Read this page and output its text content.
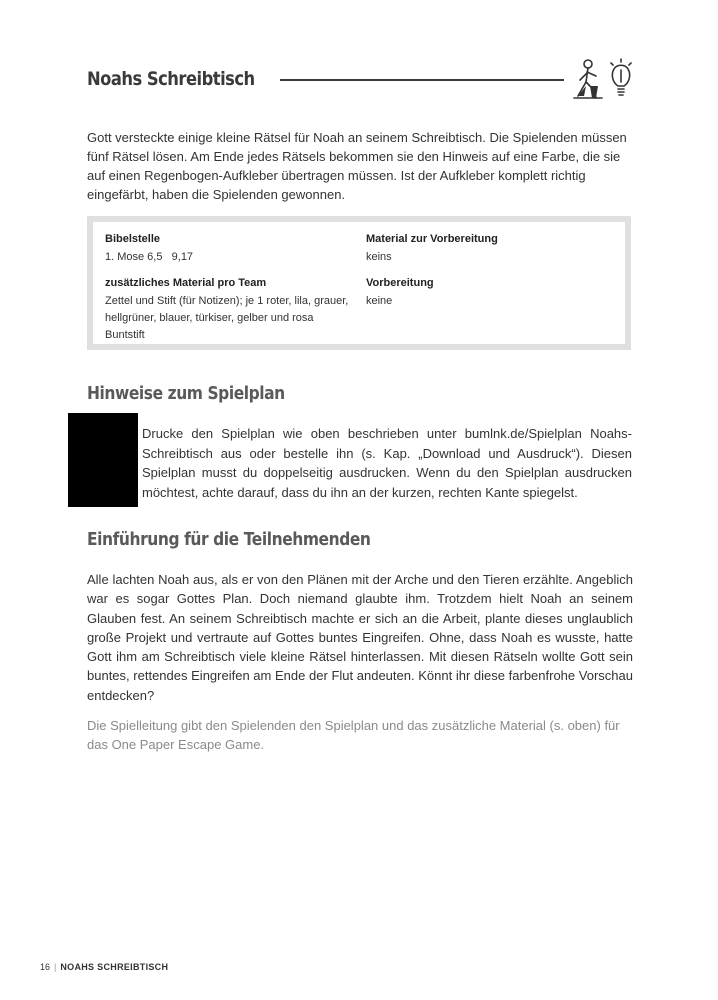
Noahs Schreibtisch

Gott versteckte einige kleine Rätsel für Noah an seinem Schreibtisch. Die Spielenden müssen fünf Rätsel lösen. Am Ende jedes Rätsels bekommen sie den Hinweis auf eine Farbe, die sie auf einen Regenbogen-Aufkleber übertragen müssen. Ist der Aufkleber komplett richtig eingefärbt, haben die Spielenden gewonnen.

Bibelstelle

1. Mose 6,5   9,17

zusätzliches Material pro Team

Zettel und Stift (für Notizen); je 1 roter, lila, grauer, hellgrüner, blauer, türkiser, gelber und rosa Buntstift

Material zur Vorbereitung

keins

Vorbereitung

keine

Hinweise zum Spielplan

Drucke den Spielplan wie oben beschrieben unter bumlnk.de/Spielplan Noahs-Schreibtisch aus oder bestelle ihn (s. Kap. „Download und Ausdruck“). Diesen Spielplan musst du doppelseitig ausdrucken. Wenn du den Spielplan ausdrucken möchtest, achte darauf, dass du ihn an der kurzen, rechten Kante spiegelst.

Einführung für die Teilnehmenden

Alle lachten Noah aus, als er von den Plänen mit der Arche und den Tieren erzählte. Angeblich war es sogar Gottes Plan. Doch niemand glaubte ihm. Trotzdem hielt Noah an seinem Glauben fest. An seinem Schreibtisch machte er sich an die Arbeit, plante dieses unglaublich große Projekt und vertraute auf Gottes buntes Eingreifen. Ohne, dass Noah es wusste, hatte Gott ihm am Schreibtisch viele kleine Rätsel hinterlassen. Mit diesen Rätseln wollte Gott sein buntes, rettendes Eingreifen am Ende der Flut andeuten. Könnt ihr diese farbenfrohe Vorschau entdecken?

Die Spielleitung gibt den Spielenden den Spielplan und das zusätzliche Material (s. oben) für das One Paper Escape Game.

16 | NOAHS SCHREIBTISCH
